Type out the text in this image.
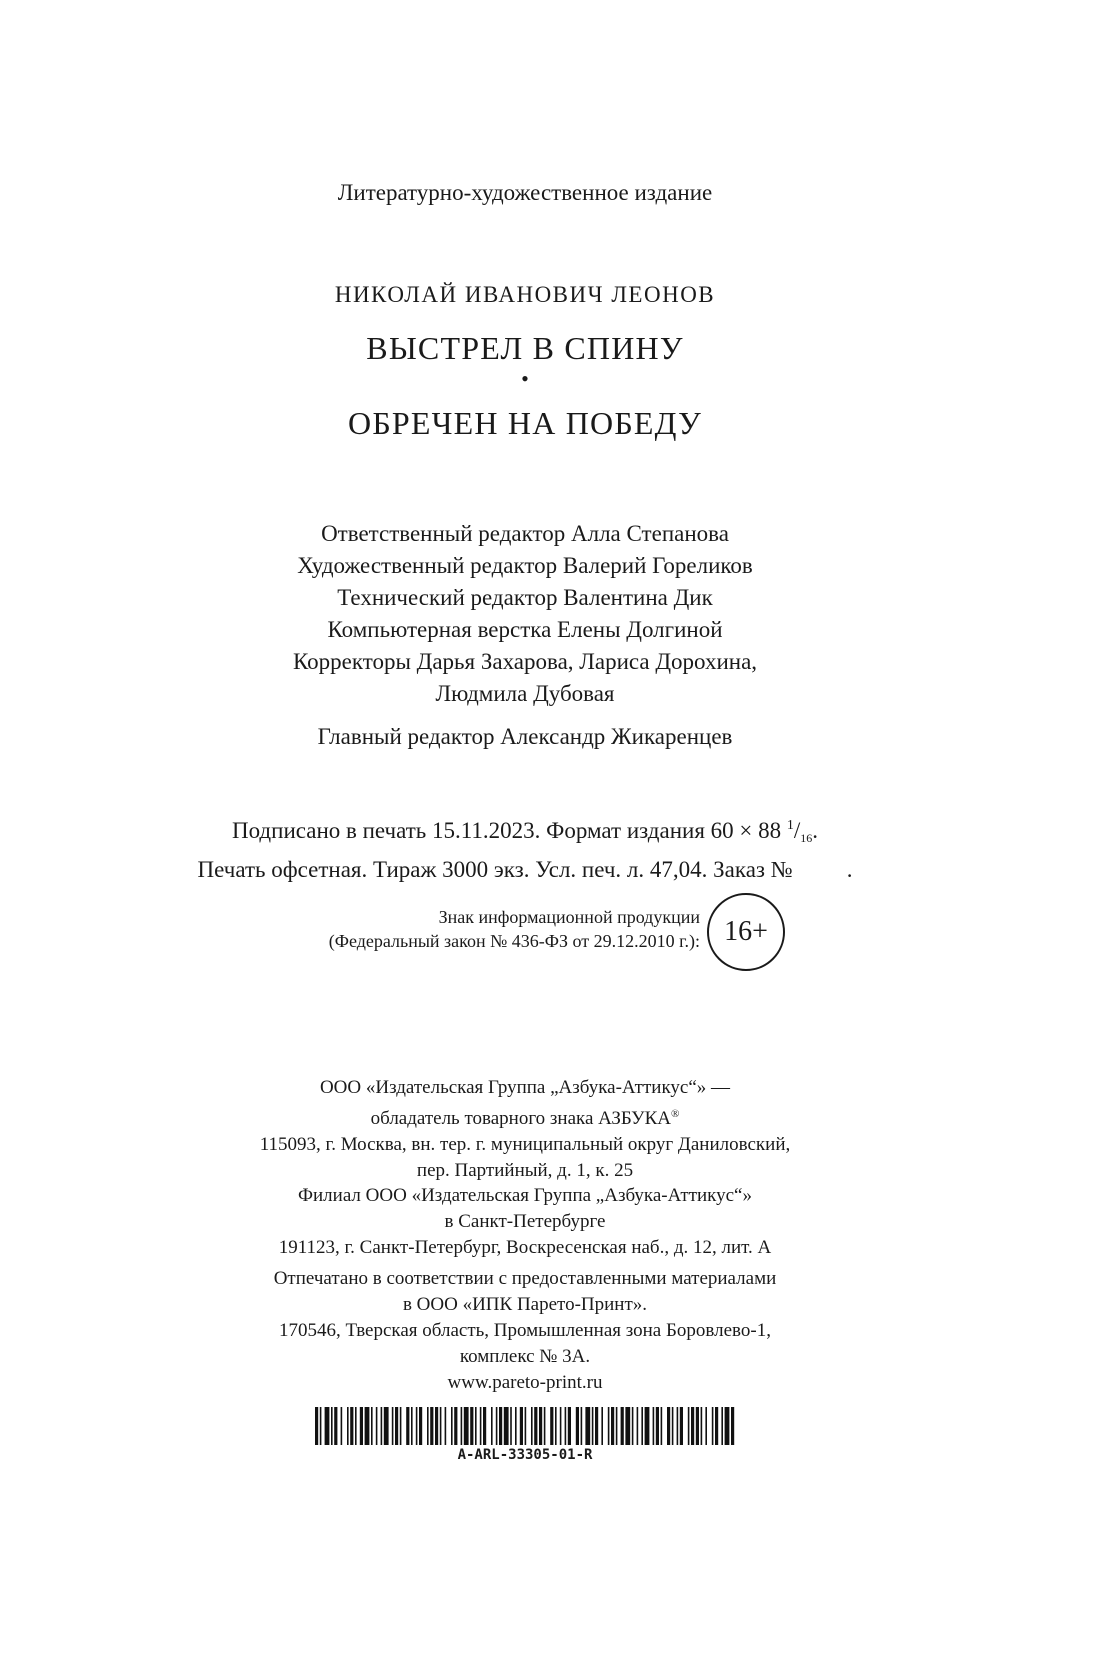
Литературно-художественное издание
НИКОЛАЙ ИВАНОВИЧ ЛЕОНОВ
ВЫСТРЕЛ В СПИНУ
•
ОБРЕЧЕН НА ПОБЕДУ
Ответственный редактор Алла Степанова
Художественный редактор Валерий Гореликов
Технический редактор Валентина Дик
Компьютерная верстка Елены Долгиной
Корректоры Дарья Захарова, Лариса Дорохина,
Людмила Дубовая
Главный редактор Александр Жикаренцев
Подписано в печать 15.11.2023. Формат издания 60 × 88 $^1/_{16}$.
Печать офсетная. Тираж 3000 экз. Усл. печ. л. 47,04. Заказ № .
Знак информационной продукции
(Федеральный закон № 436-ФЗ от 29.12.2010 г.): 16+
ООО «Издательская Группа „Азбука-Аттикус“» —
обладатель товарного знака АЗБУКА®
115093, г. Москва, вн. тер. г. муниципальный округ Даниловский,
пер. Партийный, д. 1, к. 25
Филиал ООО «Издательская Группа „Азбука-Аттикус“»
в Санкт-Петербурге
191123, г. Санкт-Петербург, Воскресенская наб., д. 12, лит. А
Отпечатано в соответствии с предоставленными материалами
в ООО «ИПК Парето-Принт».
170546, Тверская область, Промышленная зона Боровлево-1,
комплекс № 3А.
www.pareto-print.ru
A-ARL-33305-01-R
